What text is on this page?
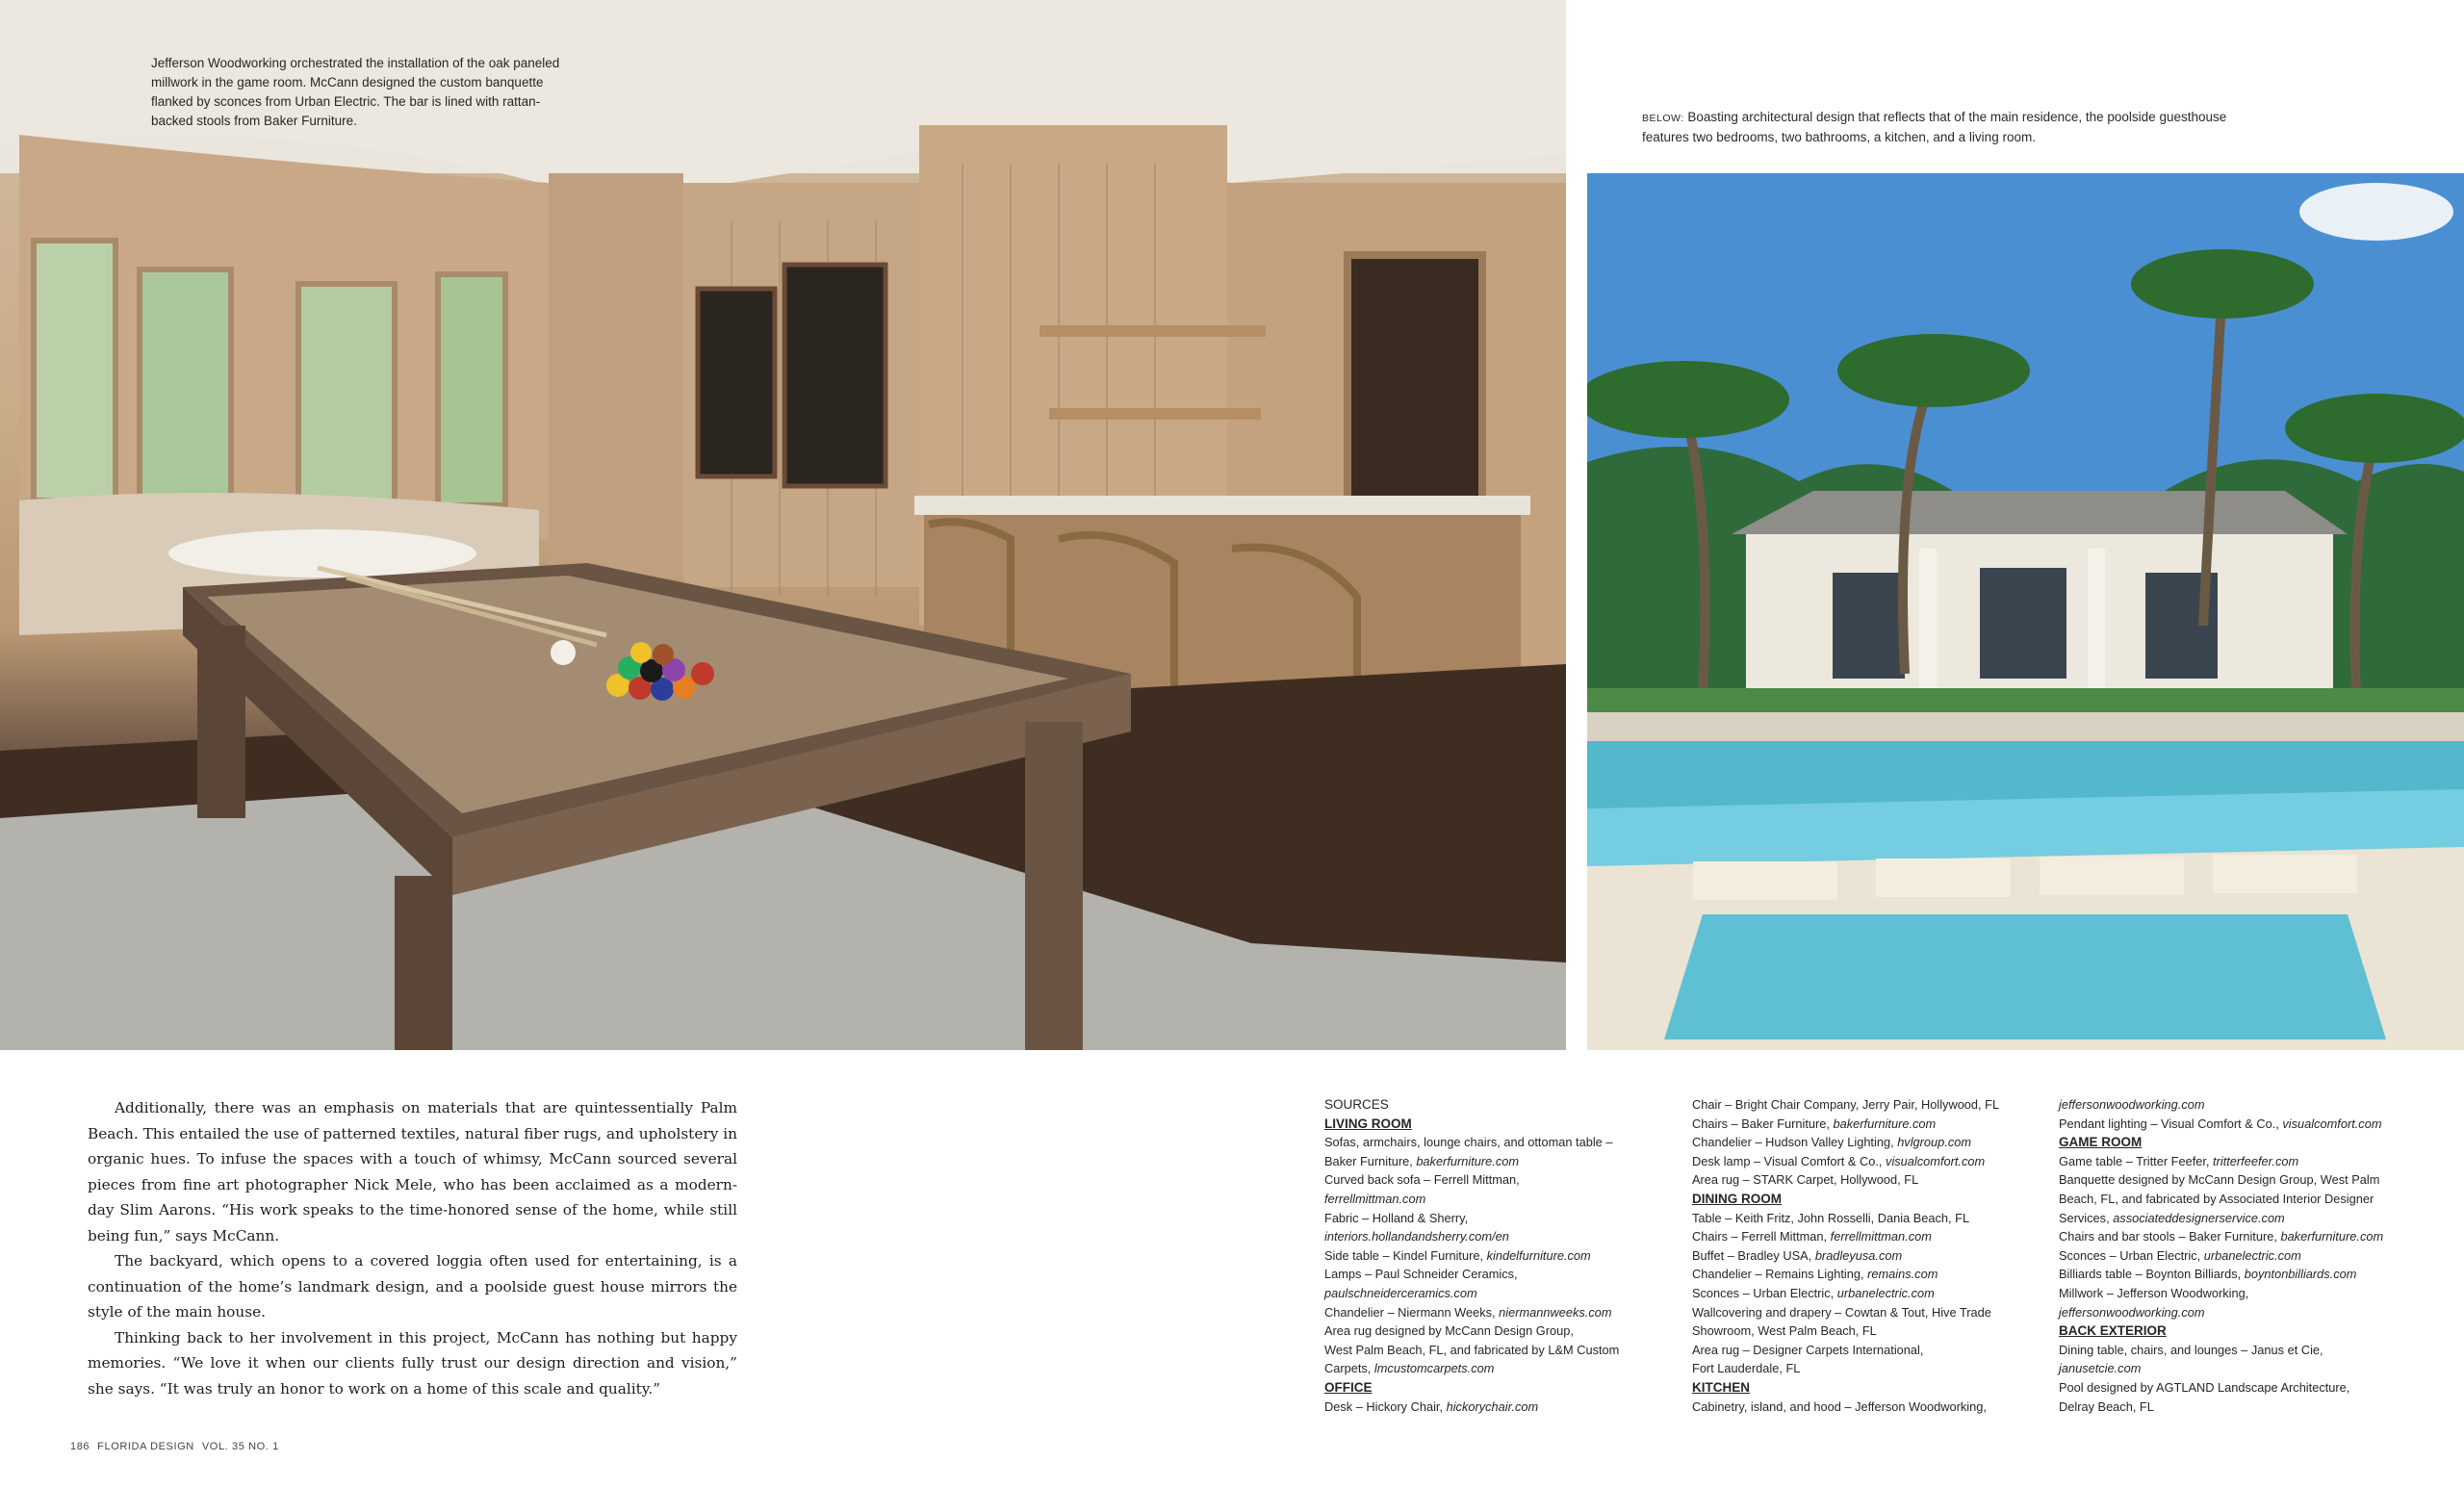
Jefferson Woodworking orchestrated the installation of the oak paneled millwork in the game room. McCann designed the custom banquette flanked by sconces from Urban Electric. The bar is lined with rattan-backed stools from Baker Furniture.	BELOW: Boasting architectural design that reflects that of the main residence, the poolside guesthouse features two bedrooms, two bathrooms, a kitchen, and a living room.

Additionally, there was an emphasis on materials that are quintessentially Palm Beach. This entailed the use of patterned textiles, natural fiber rugs, and upholstery in organic hues. To infuse the spaces with a touch of whimsy, McCann sourced several pieces from fine art photographer Nick Mele, who has been acclaimed as a modern-day Slim Aarons. “His work speaks to the time-honored sense of the home, while still being fun,” says McCann.

The backyard, which opens to a covered loggia often used for entertaining, is a continuation of the home’s landmark design, and a poolside guest house mirrors the style of the main house.

Thinking back to her involvement in this project, McCann has nothing but happy memories. “We love it when our clients fully trust our design direction and vision,” she says. “It was truly an honor to work on a home of this scale and quality.”

SOURCES
LIVING ROOM
Sofas, armchairs, lounge chairs, and ottoman table –
Baker Furniture, bakerfurniture.com
Curved back sofa – Ferrell Mittman,
ferrellmittman.com
Fabric – Holland & Sherry,
interiors.hollandandsherry.com/en
Side table – Kindel Furniture, kindelfurniture.com
Lamps – Paul Schneider Ceramics,
paulschneiderceramics.com
Chandelier – Niermann Weeks, niermannweeks.com
Area rug designed by McCann Design Group,
West Palm Beach, FL, and fabricated by L&M Custom
Carpets, lmcustomcarpets.com
OFFICE
Desk – Hickory Chair, hickorychair.com
Chair – Bright Chair Company, Jerry Pair, Hollywood, FL
Chairs – Baker Furniture, bakerfurniture.com
Chandelier – Hudson Valley Lighting, hvlgroup.com
Desk lamp – Visual Comfort & Co., visualcomfort.com
Area rug – STARK Carpet, Hollywood, FL
DINING ROOM
Table – Keith Fritz, John Rosselli, Dania Beach, FL
Chairs – Ferrell Mittman, ferrellmittman.com
Buffet – Bradley USA, bradleyusa.com
Chandelier – Remains Lighting, remains.com
Sconces – Urban Electric, urbanelectric.com
Wallcovering and drapery – Cowtan & Tout, Hive Trade
Showroom, West Palm Beach, FL
Area rug – Designer Carpets International,
Fort Lauderdale, FL
KITCHEN
Cabinetry, island, and hood – Jefferson Woodworking,
jeffersonwoodworking.com
Pendant lighting – Visual Comfort & Co., visualcomfort.com
GAME ROOM
Game table – Tritter Feefer, tritterfeefer.com
Banquette designed by McCann Design Group, West Palm
Beach, FL, and fabricated by Associated Interior Designer
Services, associateddesignerservice.com
Chairs and bar stools – Baker Furniture, bakerfurniture.com
Sconces – Urban Electric, urbanelectric.com
Billiards table – Boynton Billiards, boyntonbilliards.com
Millwork – Jefferson Woodworking,
jeffersonwoodworking.com
BACK EXTERIOR
Dining table, chairs, and lounges – Janus et Cie,
janusetcie.com
Pool designed by AGTLAND Landscape Architecture,
Delray Beach, FL
186 FLORIDA DESIGN VOL. 35 NO. 1
